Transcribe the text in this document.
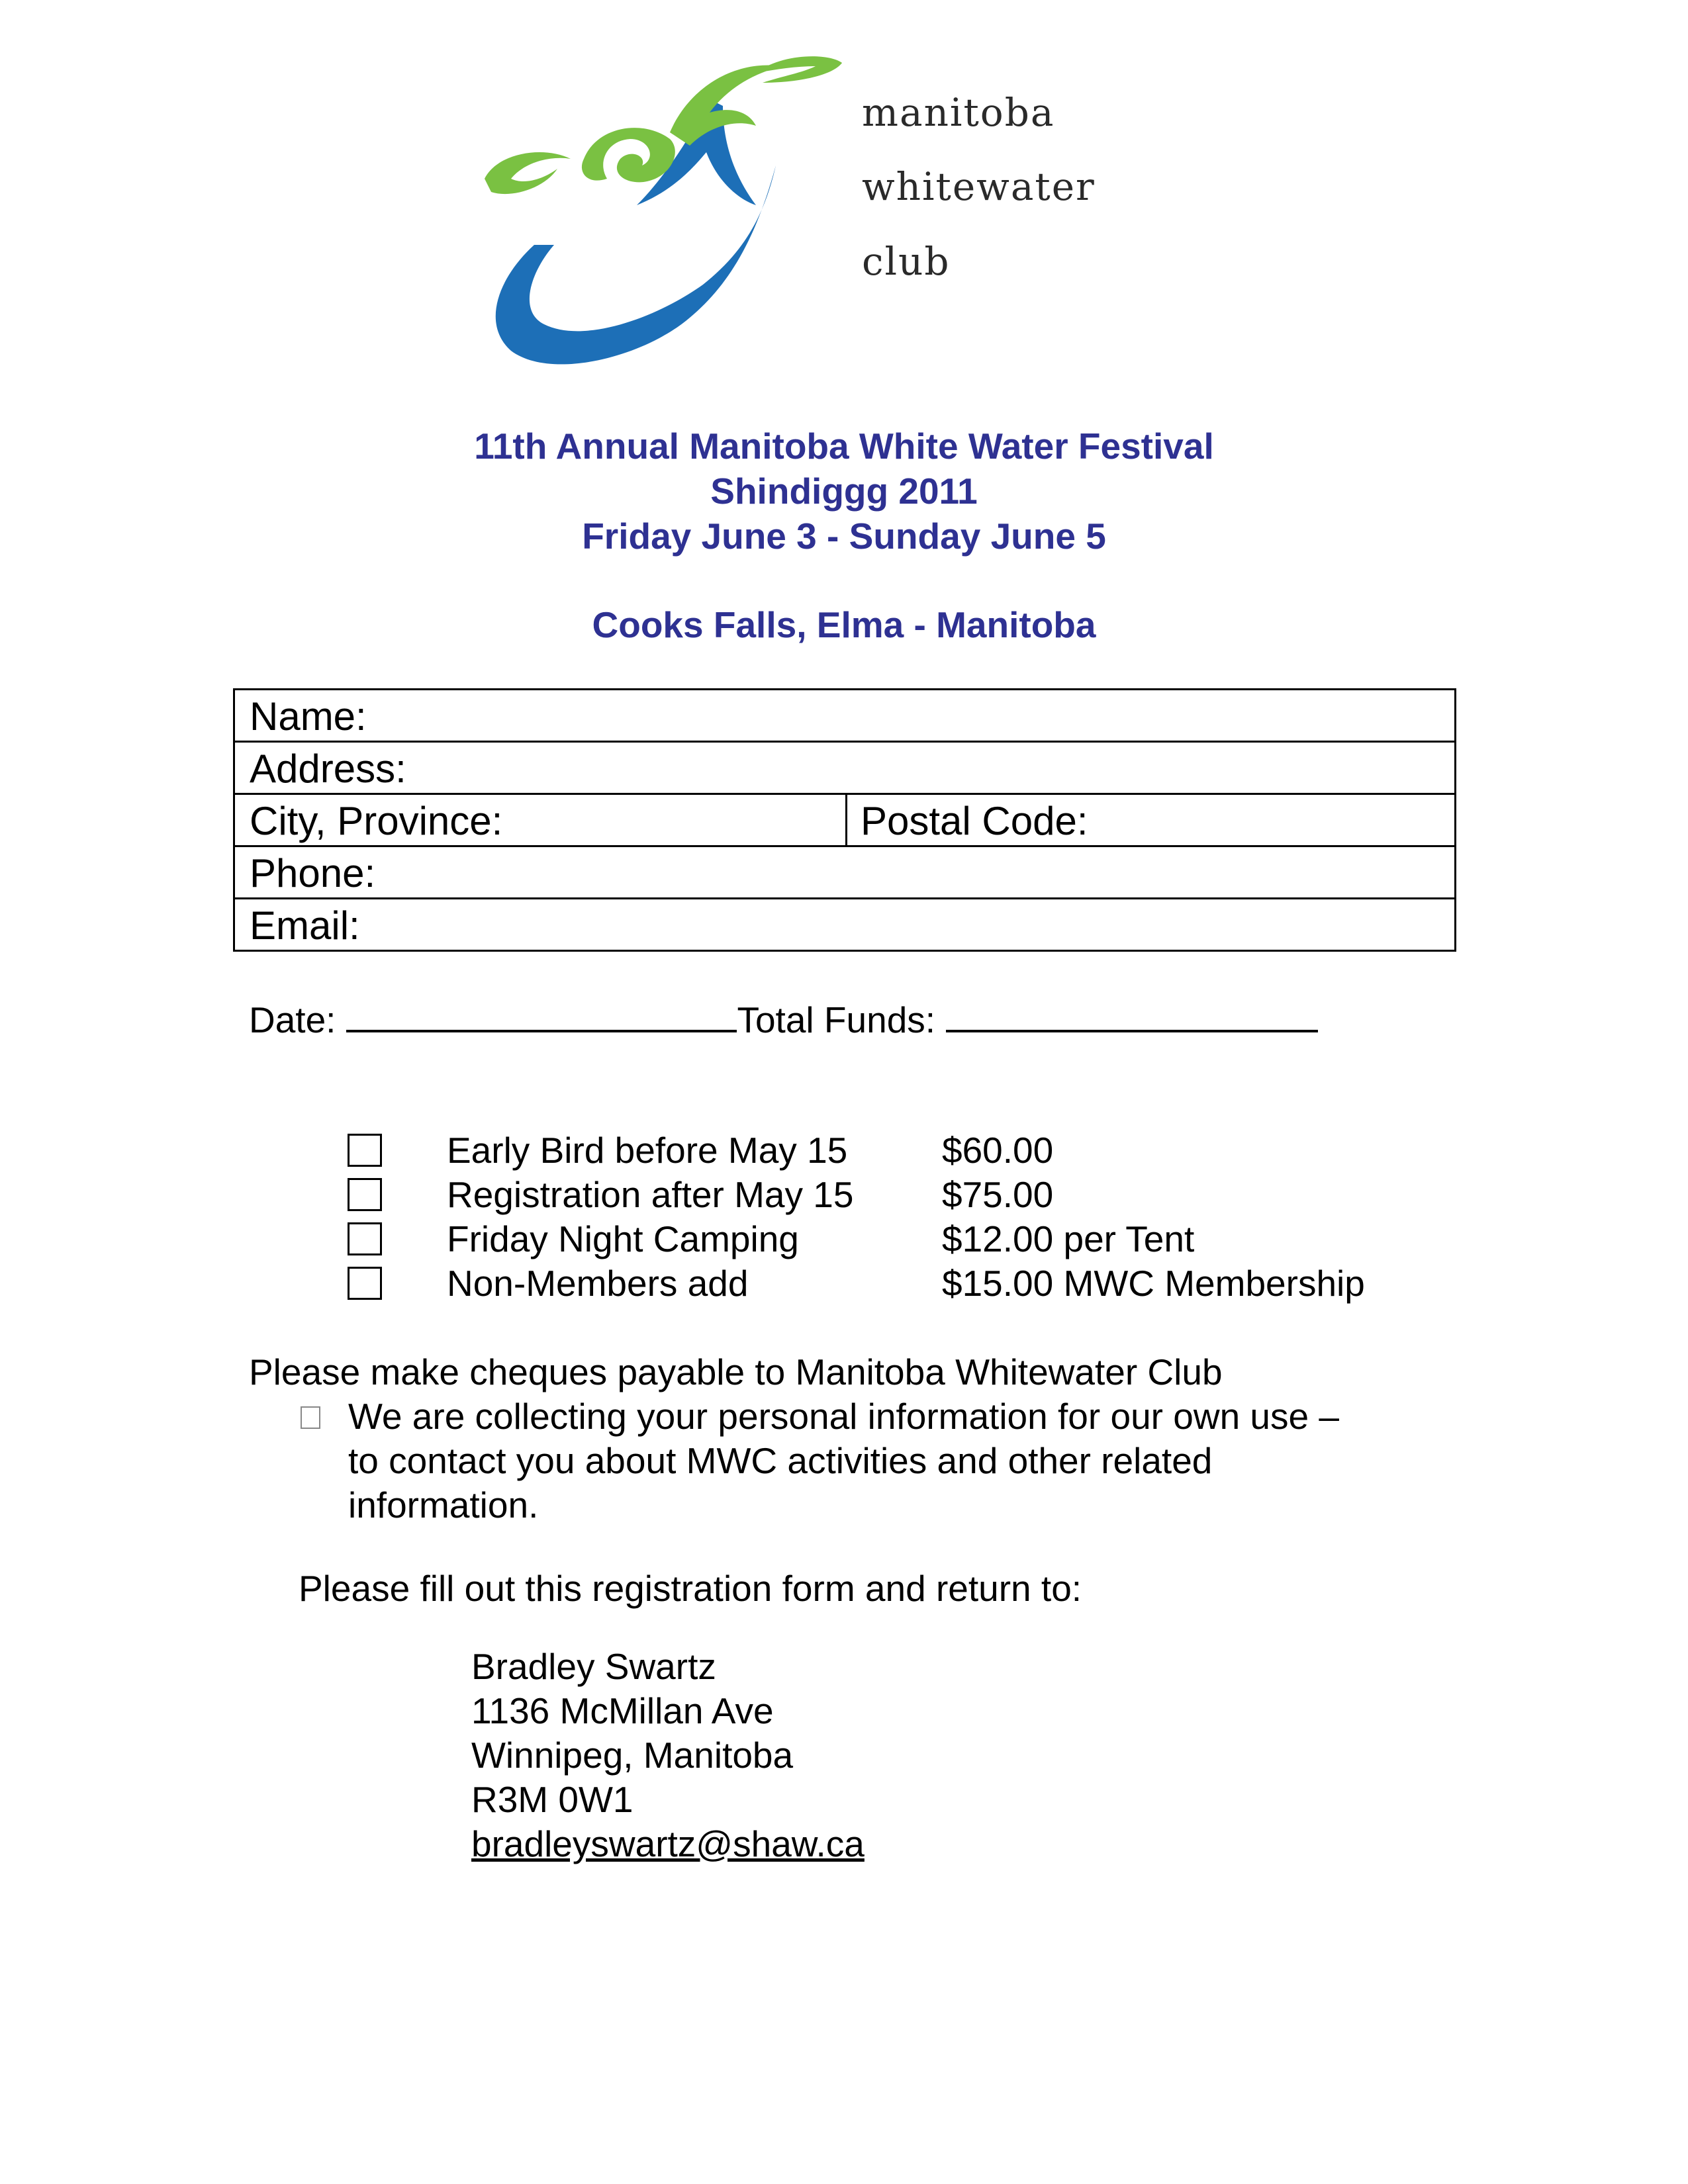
manitoba
whitewater
club
11th Annual Manitoba White Water Festival
Shindiggg 2011
Friday June 3 - Sunday June 5
Cooks Falls, Elma - Manitoba
Name:
Address:
City, Province:	Postal Code:
Phone:
Email:
Date:	Total Funds:
Early Bird before May 15	$60.00
Registration after May 15 $75.00
Friday Night Camping	$12.00 per Tent
Non-Members add	$15.00 MWC Membership
Please make cheques payable to Manitoba Whitewater Club
We are collecting your personal information for our own use –
to contact you about MWC activities and other related
information.
Please fill out this registration form and return to:
Bradley Swartz
1136 McMillan Ave
Winnipeg, Manitoba
R3M 0W1
bradleyswartz@shaw.ca
